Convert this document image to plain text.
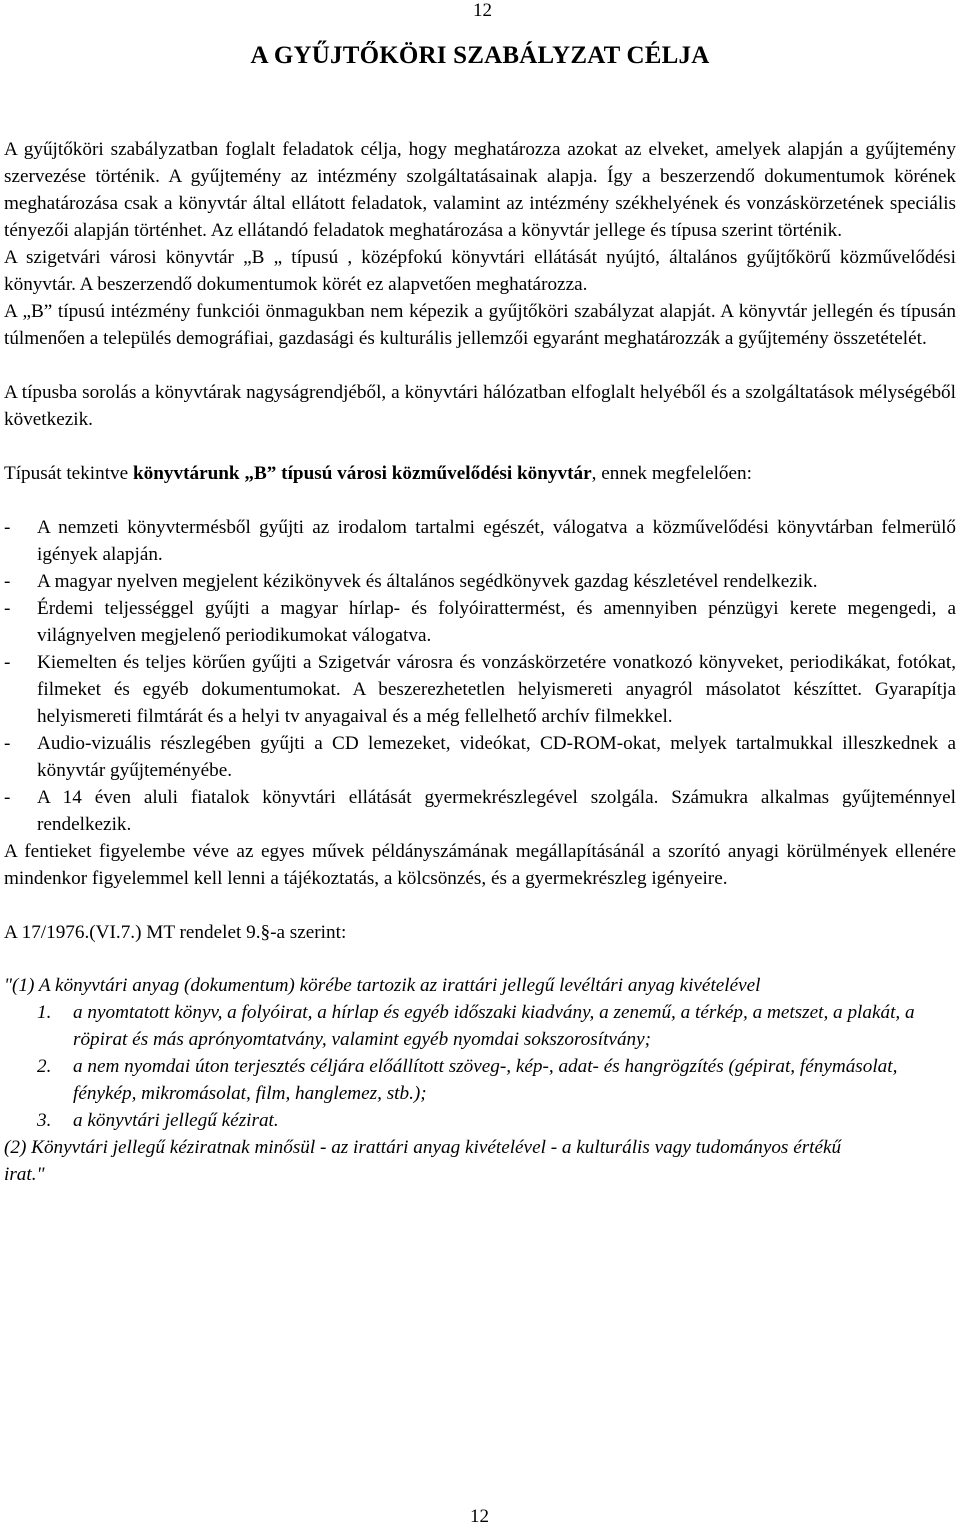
12
A GYŰJTŐKÖRI SZABÁLYZAT CÉLJA

A gyűjtőköri szabályzatban foglalt feladatok célja, hogy meghatározza azokat az elveket, amelyek alapján a gyűjtemény szervezése történik. A gyűjtemény az intézmény szolgáltatásainak alapja. Így a beszerzendő dokumentumok körének meghatározása csak a könyvtár által ellátott feladatok, valamint az intézmény székhelyének és vonzáskörzetének speciális tényezői alapján történhet. Az ellátandó feladatok meghatározása a könyvtár jellege és típusa szerint történik.

A szigetvári városi könyvtár „B „ típusú , középfokú könyvtári ellátását nyújtó, általános gyűjtőkörű közművelődési könyvtár. A beszerzendő dokumentumok körét ez alapvetően meghatározza.

A „B” típusú intézmény funkciói önmagukban nem képezik a gyűjtőköri szabályzat alapját. A könyvtár jellegén és típusán túlmenően a település demográfiai, gazdasági és kulturális jellemzői egyaránt meghatározzák a gyűjtemény összetételét.

A típusba sorolás a könyvtárak nagyságrendjéből, a könyvtári hálózatban elfoglalt helyéből és a szolgáltatások mélységéből következik.

Típusát tekintve könyvtárunk „B” típusú városi közművelődési könyvtár, ennek megfelelően:

- A nemzeti könyvtermésből gyűjti az irodalom tartalmi egészét, válogatva a közművelődési könyvtárban felmerülő igények alapján.
- A magyar nyelven megjelent kézikönyvek és általános segédkönyvek gazdag készletével rendelkezik.
- Érdemi teljességgel gyűjti a magyar hírlap- és folyóirattermést, és amennyiben pénzügyi kerete megengedi, a világnyelven megjelenő periodikumokat válogatva.
- Kiemelten és teljes körűen gyűjti a Szigetvár városra és vonzáskörzetére vonatkozó könyveket, periodikákat, fotókat, filmeket és egyéb dokumentumokat. A beszerezhetetlen helyismereti anyagról másolatot készíttet. Gyarapítja helyismereti filmtárát és a helyi tv anyagaival és a még fellelhető archív filmekkel.
- Audio-vizuális részlegében gyűjti a CD lemezeket, videókat, CD-ROM-okat, melyek tartalmukkal illeszkednek a könyvtár gyűjteményébe.
- A 14 éven aluli fiatalok könyvtári ellátását gyermekrészlegével szolgála. Számukra alkalmas gyűjteménnyel rendelkezik.

A fentieket figyelembe véve az egyes művek példányszámának megállapításánál a szorító anyagi körülmények ellenére mindenkor figyelemmel kell lenni a tájékoztatás, a kölcsönzés, és a gyermekrészleg igényeire.

A 17/1976.(VI.7.) MT rendelet 9.§-a szerint:

"(1) A könyvtári anyag (dokumentum) körébe tartozik az irattári jellegű levéltári anyag kivételével

1. a nyomtatott könyv, a folyóirat, a hírlap és egyéb időszaki kiadvány, a zenemű, a térkép, a metszet, a plakát, a röpirat és más aprónyomtatvány, valamint egyéb nyomdai sokszorosítvány;
2. a nem nyomdai úton terjesztés céljára előállított szöveg-, kép-, adat- és hangrögzítés (gépirat, fénymásolat, fénykép, mikromásolat, film, hanglemez, stb.);
3. a könyvtári jellegű kézirat.

(2) Könyvtári jellegű kéziratnak minősül - az irattári anyag kivételével - a kulturális vagy tudományos értékű irat."

12
